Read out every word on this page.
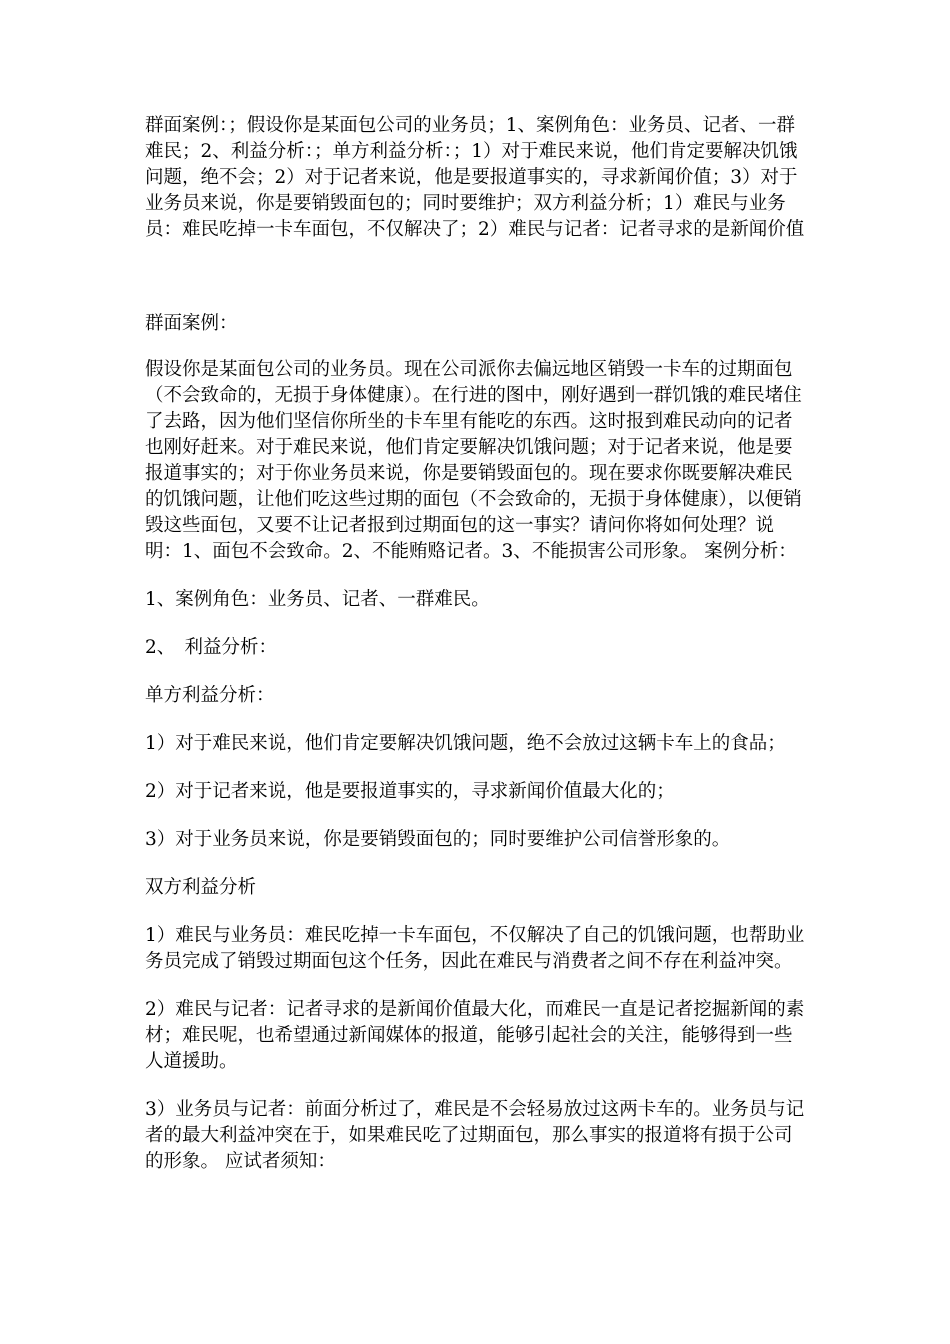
群面案例：；假设你是某面包公司的业务员；1、案例角色：业务员、记者、一群难民；2、利益分析：；单方利益分析：；1）对于难民来说，他们肯定要解决饥饿问题，绝不会；2）对于记者来说，他是要报道事实的，寻求新闻价值；3）对于业务员来说，你是要销毁面包的；同时要维护；双方利益分析；1）难民与业务员：难民吃掉一卡车面包，不仅解决了；2）难民与记者：记者寻求的是新闻价值

群面案例：

假设你是某面包公司的业务员。现在公司派你去偏远地区销毁一卡车的过期面包（不会致命的，无损于身体健康）。在行进的图中，刚好遇到一群饥饿的难民堵住了去路，因为他们坚信你所坐的卡车里有能吃的东西。这时报到难民动向的记者也刚好赶来。对于难民来说，他们肯定要解决饥饿问题；对于记者来说，他是要报道事实的；对于你业务员来说，你是要销毁面包的。现在要求你既要解决难民的饥饿问题，让他们吃这些过期的面包（不会致命的，无损于身体健康），以便销毁这些面包，又要不让记者报到过期面包的这一事实？请问你将如何处理？说明：1、面包不会致命。2、不能贿赂记者。3、不能损害公司形象。 案例分析：

1、案例角色：业务员、记者、一群难民。

2、　利益分析：

单方利益分析：

1）对于难民来说，他们肯定要解决饥饿问题，绝不会放过这辆卡车上的食品；

2）对于记者来说，他是要报道事实的，寻求新闻价值最大化的；

3）对于业务员来说，你是要销毁面包的；同时要维护公司信誉形象的。

双方利益分析

1）难民与业务员：难民吃掉一卡车面包，不仅解决了自己的饥饿问题，也帮助业务员完成了销毁过期面包这个任务，因此在难民与消费者之间不存在利益冲突。

2）难民与记者：记者寻求的是新闻价值最大化，而难民一直是记者挖掘新闻的素材；难民呢，也希望通过新闻媒体的报道，能够引起社会的关注，能够得到一些人道援助。

3）业务员与记者：前面分析过了，难民是不会轻易放过这两卡车的。业务员与记者的最大利益冲突在于，如果难民吃了过期面包，那么事实的报道将有损于公司的形象。 应试者须知：
